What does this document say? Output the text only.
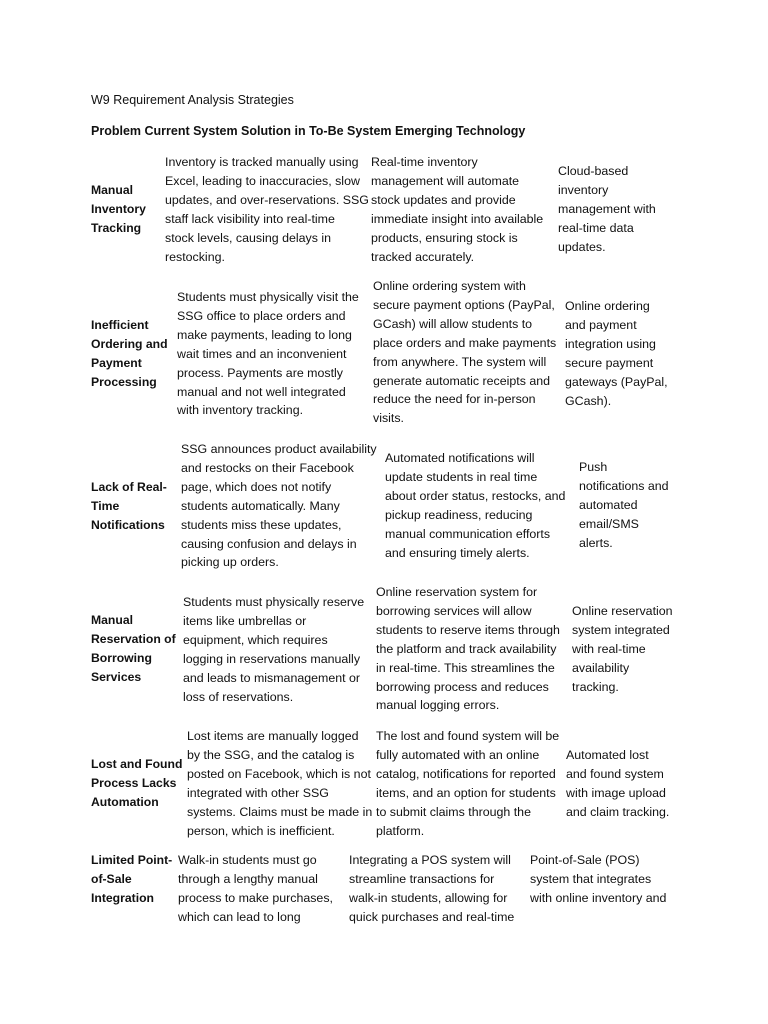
W9 Requirement Analysis Strategies
Problem Current System Solution in To-Be System Emerging Technology
Manual
Inventory
Tracking
Inventory is tracked manually using
Excel, leading to inaccuracies, slow
updates, and over-reservations. SSG
staff lack visibility into real-time
stock levels, causing delays in
restocking.
Real-time inventory
management will automate
stock updates and provide
immediate insight into available
products, ensuring stock is
tracked accurately.
Cloud-based
inventory
management with
real-time data
updates.
Inefficient
Ordering and
Payment
Processing
Students must physically visit the
SSG office to place orders and
make payments, leading to long
wait times and an inconvenient
process. Payments are mostly
manual and not well integrated
with inventory tracking.
Online ordering system with
secure payment options (PayPal,
GCash) will allow students to
place orders and make payments
from anywhere. The system will
generate automatic receipts and
reduce the need for in-person
visits.
Online ordering
and payment
integration using
secure payment
gateways (PayPal,
GCash).
Lack of Real-
Time
Notifications
SSG announces product availability
and restocks on their Facebook
page, which does not notify
students automatically. Many
students miss these updates,
causing confusion and delays in
picking up orders.
Automated notifications will
update students in real time
about order status, restocks, and
pickup readiness, reducing
manual communication efforts
and ensuring timely alerts.
Push
notifications and
automated
email/SMS
alerts.
Manual
Reservation of
Borrowing
Services
Students must physically reserve
items like umbrellas or
equipment, which requires
logging in reservations manually
and leads to mismanagement or
loss of reservations.
Online reservation system for
borrowing services will allow
students to reserve items through
the platform and track availability
in real-time. This streamlines the
borrowing process and reduces
manual logging errors.
Online reservation
system integrated
with real-time
availability
tracking.
Lost and Found
Process Lacks
Automation
Lost items are manually logged
by the SSG, and the catalog is
posted on Facebook, which is not
integrated with other SSG
systems. Claims must be made in
person, which is inefficient.
The lost and found system will be
fully automated with an online
catalog, notifications for reported
items, and an option for students
to submit claims through the
platform.
Automated lost
and found system
with image upload
and claim tracking.
Limited Point-
of-Sale
Integration
Walk-in students must go
through a lengthy manual
process to make purchases,
which can lead to long
Integrating a POS system will
streamline transactions for
walk-in students, allowing for
quick purchases and real-time
Point-of-Sale (POS)
system that integrates
with online inventory and
